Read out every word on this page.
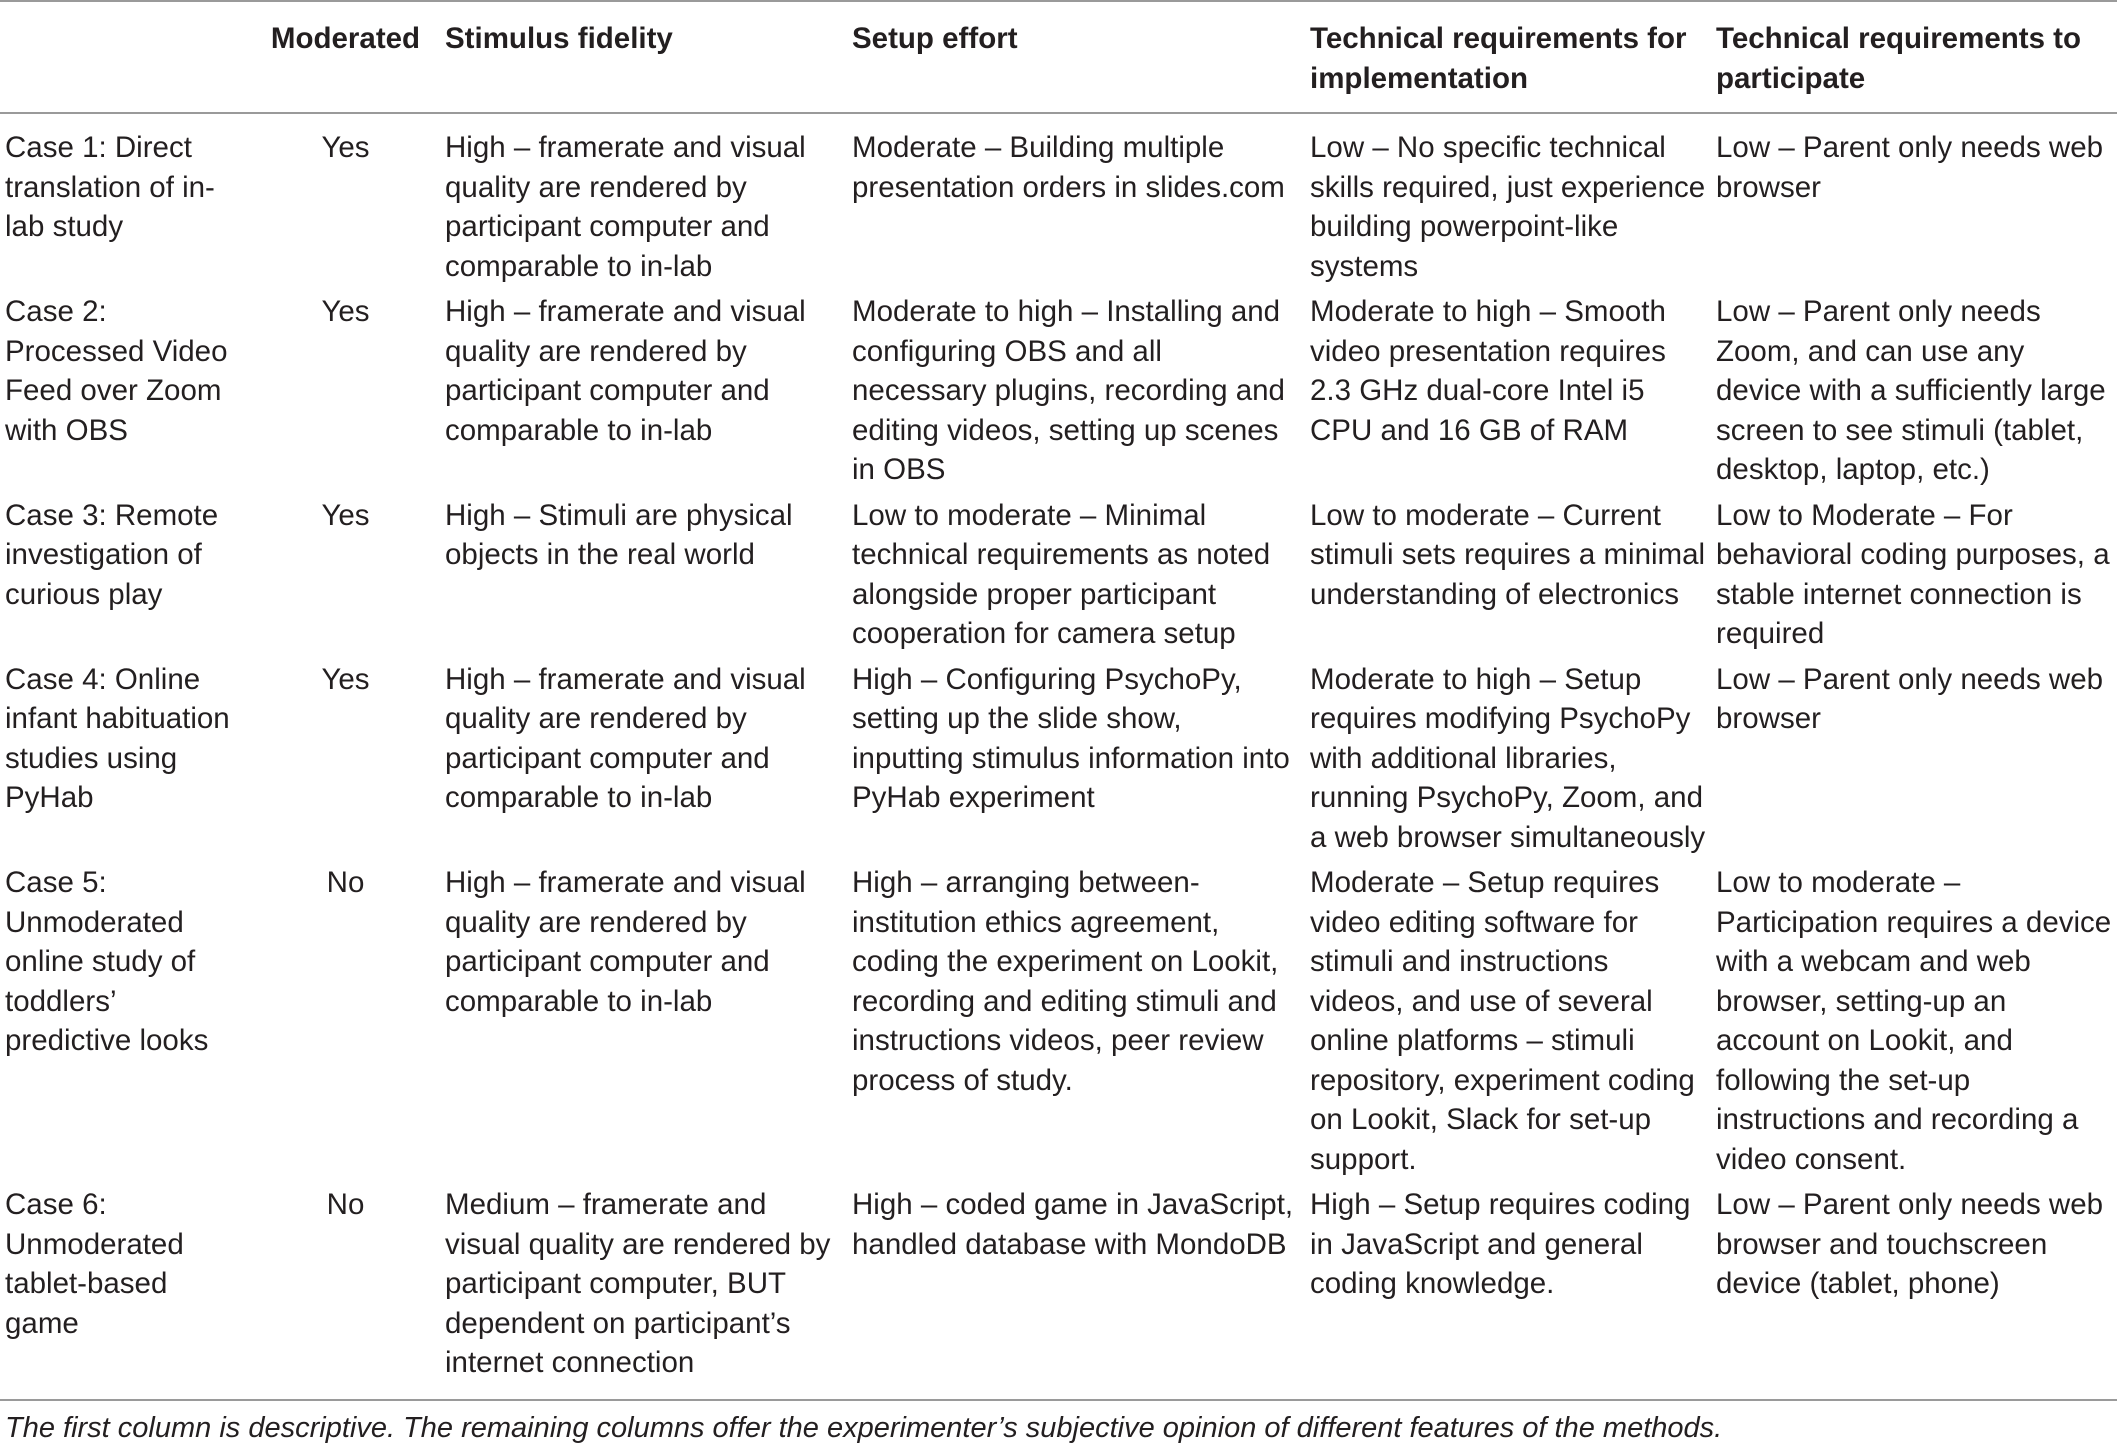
	Moderated	Stimulus fidelity	Setup effort	Technical requirements for implementation	Technical requirements to participate
Case 1: Direct translation of in-lab study	Yes	High – framerate and visual quality are rendered by participant computer and comparable to in-lab	Moderate – Building multiple presentation orders in slides.com	Low – No specific technical skills required, just experience building powerpoint-like systems	Low – Parent only needs web browser
Case 2: Processed Video Feed over Zoom with OBS	Yes	High – framerate and visual quality are rendered by participant computer and comparable to in-lab	Moderate to high – Installing and configuring OBS and all necessary plugins, recording and editing videos, setting up scenes in OBS	Moderate to high – Smooth video presentation requires 2.3 GHz dual-core Intel i5 CPU and 16 GB of RAM	Low – Parent only needs Zoom, and can use any device with a sufficiently large screen to see stimuli (tablet, desktop, laptop, etc.)
Case 3: Remote investigation of curious play	Yes	High – Stimuli are physical objects in the real world	Low to moderate – Minimal technical requirements as noted alongside proper participant cooperation for camera setup	Low to moderate – Current stimuli sets requires a minimal understanding of electronics	Low to Moderate – For behavioral coding purposes, a stable internet connection is required
Case 4: Online infant habituation studies using PyHab	Yes	High – framerate and visual quality are rendered by participant computer and comparable to in-lab	High – Configuring PsychoPy, setting up the slide show, inputting stimulus information into PyHab experiment	Moderate to high – Setup requires modifying PsychoPy with additional libraries, running PsychoPy, Zoom, and a web browser simultaneously	Low – Parent only needs web browser
Case 5: Unmoderated online study of toddlers’ predictive looks	No	High – framerate and visual quality are rendered by participant computer and comparable to in-lab	High – arranging between-institution ethics agreement, coding the experiment on Lookit, recording and editing stimuli and instructions videos, peer review process of study.	Moderate – Setup requires video editing software for stimuli and instructions videos, and use of several online platforms – stimuli repository, experiment coding on Lookit, Slack for set-up support.	Low to moderate – Participation requires a device with a webcam and web browser, setting-up an account on Lookit, and following the set-up instructions and recording a video consent.
Case 6: Unmoderated tablet-based game	No	Medium – framerate and visual quality are rendered by participant computer, BUT dependent on participant’s internet connection	High – coded game in JavaScript, handled database with MondoDB	High – Setup requires coding in JavaScript and general coding knowledge.	Low – Parent only needs web browser and touchscreen device (tablet, phone)
The first column is descriptive. The remaining columns offer the experimenter’s subjective opinion of different features of the methods.
